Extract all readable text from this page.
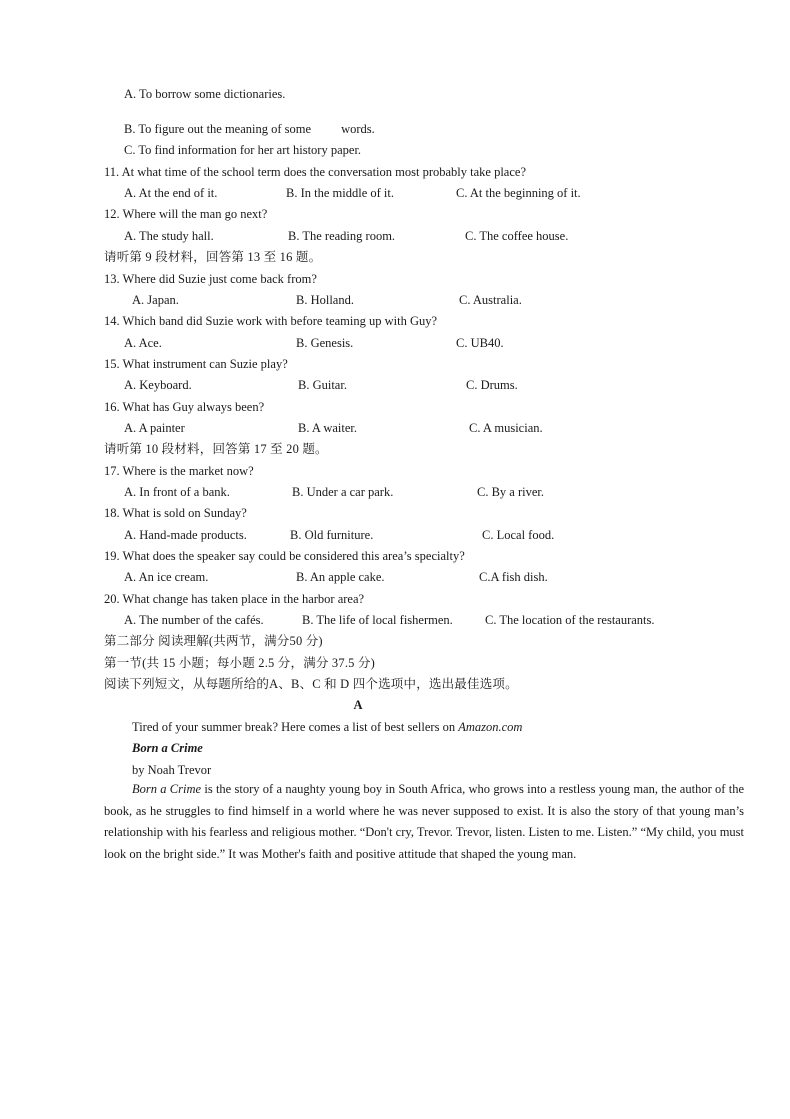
A. To borrow some dictionaries.
B. To figure out the meaning of some words.
C. To find information for her art history paper.
11. At what time of the school term does the conversation most probably take place?
A. At the end of it.	B. In the middle of it.	C. At the beginning of it.
12. Where will the man go next?
A. The study hall.	B. The reading room.	C. The coffee house.
请听第 9 段材料，回答第 13 至 16 题。
13. Where did Suzie just come back from?
A. Japan.	B. Holland.	C. Australia.
14. Which band did Suzie work with before teaming up with Guy?
A. Ace.	B. Genesis.	C. UB40.
15. What instrument can Suzie play?
A. Keyboard.	B. Guitar.	C. Drums.
16. What has Guy always been?
A. A painter	B. A waiter.	C. A musician.
请听第 10 段材料，回答第 17 至 20 题。
17. Where is the market now?
A. In front of a bank.	B. Under a car park.	C. By a river.
18. What is sold on Sunday?
A. Hand-made products.	B. Old furniture.	C. Local food.
19. What does the speaker say could be considered this area’s specialty?
A. An ice cream.	B. An apple cake.	C.A fish dish.
20. What change has taken place in the harbor area?
A. The number of the cafés.	B. The life of local fishermen.	C. The location of the restaurants.
第二部分 阅读理解(共两节，满分50 分)
第一节(共 15 小题；每小题 2.5 分，满分 37.5 分)
阅读下列短文，从每题所给的A、B、C 和 D 四个选项中，选出最佳选项。
A
Tired of your summer break? Here comes a list of best sellers on Amazon.com
Born a Crime
by Noah Trevor
Born a Crime is the story of a naughty young boy in South Africa, who grows into a restless young man, the author of the book, as he struggles to find himself in a world where he was never supposed to exist. It is also the story of that young man’s relationship with his fearless and religious mother. “Don't cry, Trevor. Trevor, listen. Listen to me. Listen.” “My child, you must look on the bright side.” It was Mother's faith and positive attitude that shaped the young man.
